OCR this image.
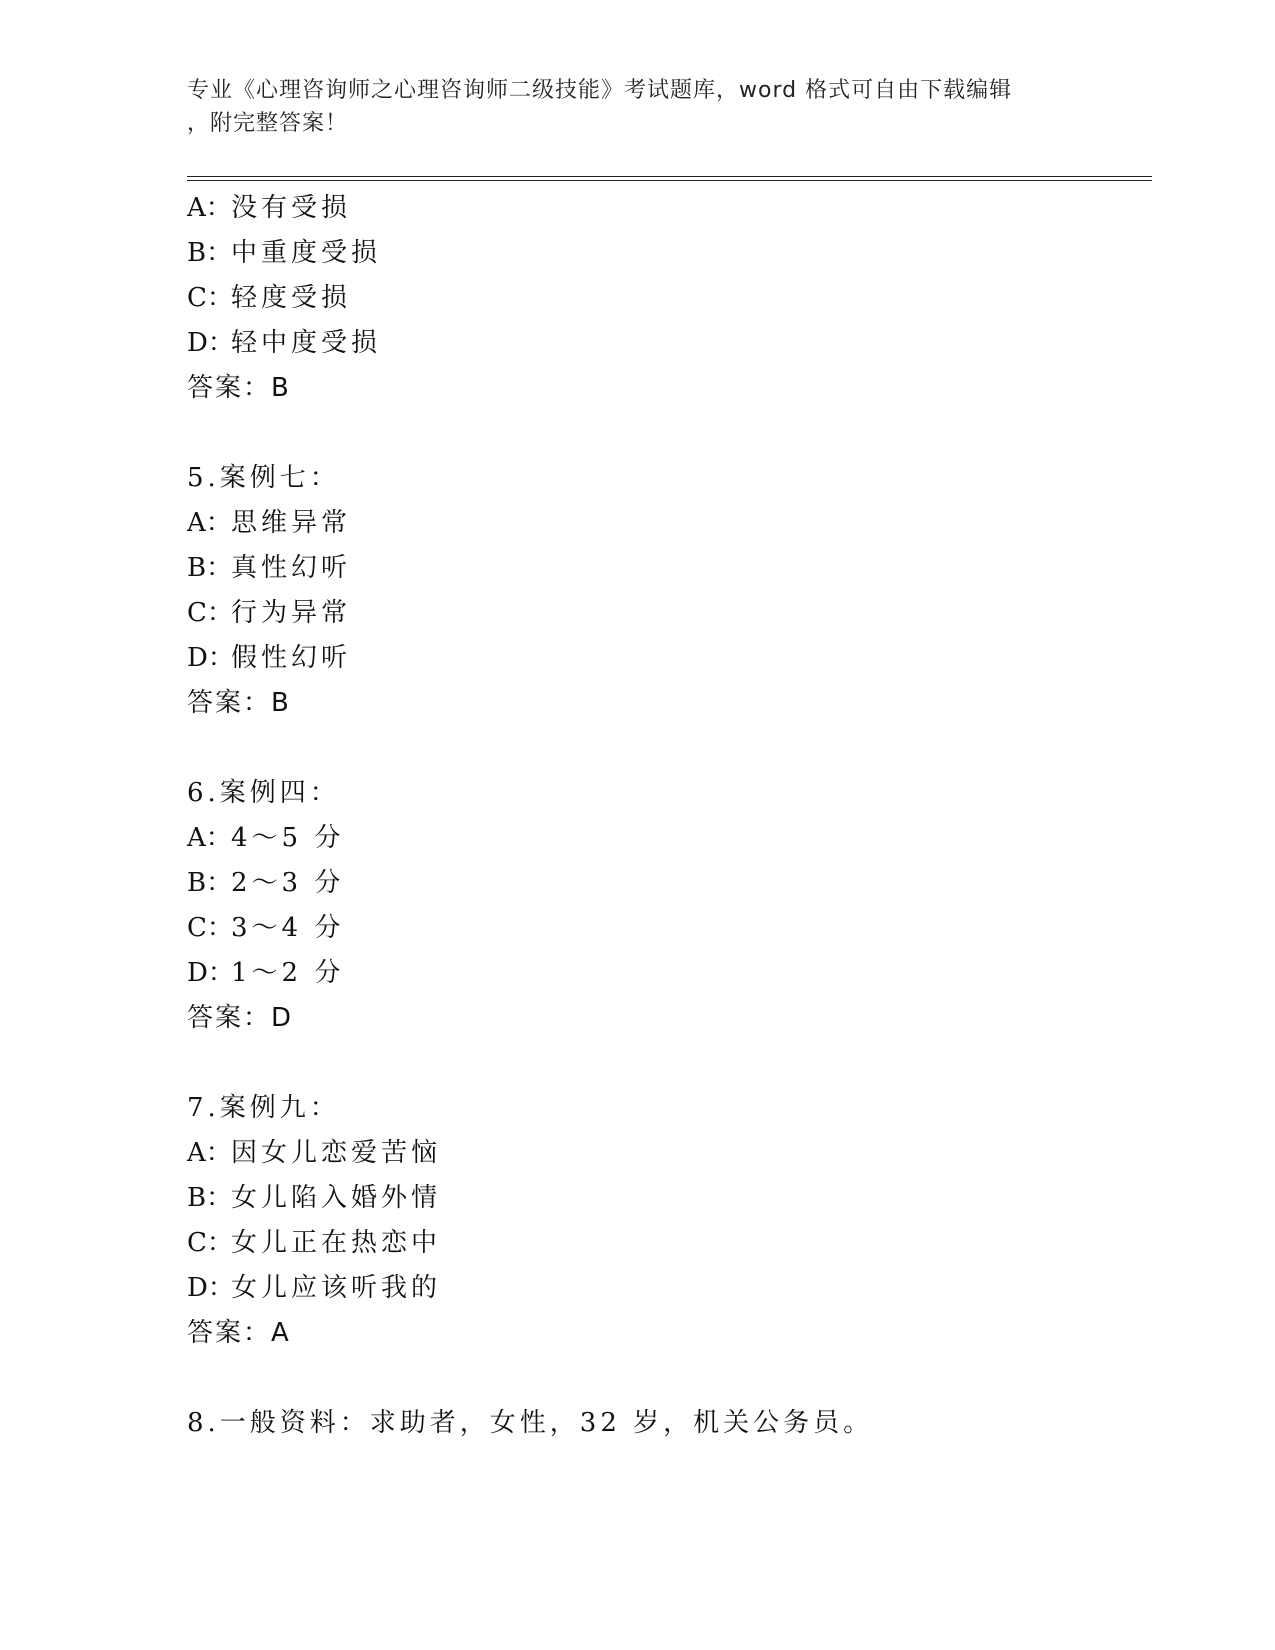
专业《心理咨询师之心理咨询师二级技能》考试题库，word 格式可自由下载编辑
，附完整答案！
A：没有受损
B：中重度受损
C：轻度受损
D：轻中度受损
答案：B
5.案例七：
A：思维异常
B：真性幻听
C：行为异常
D：假性幻听
答案：B
6.案例四：
A：4～5 分
B：2～3 分
C：3～4 分
D：1～2 分
答案：D
7.案例九：
A：因女儿恋爱苦恼
B：女儿陷入婚外情
C：女儿正在热恋中
D：女儿应该听我的
答案：A
8.一般资料：求助者，女性，32 岁，机关公务员。
